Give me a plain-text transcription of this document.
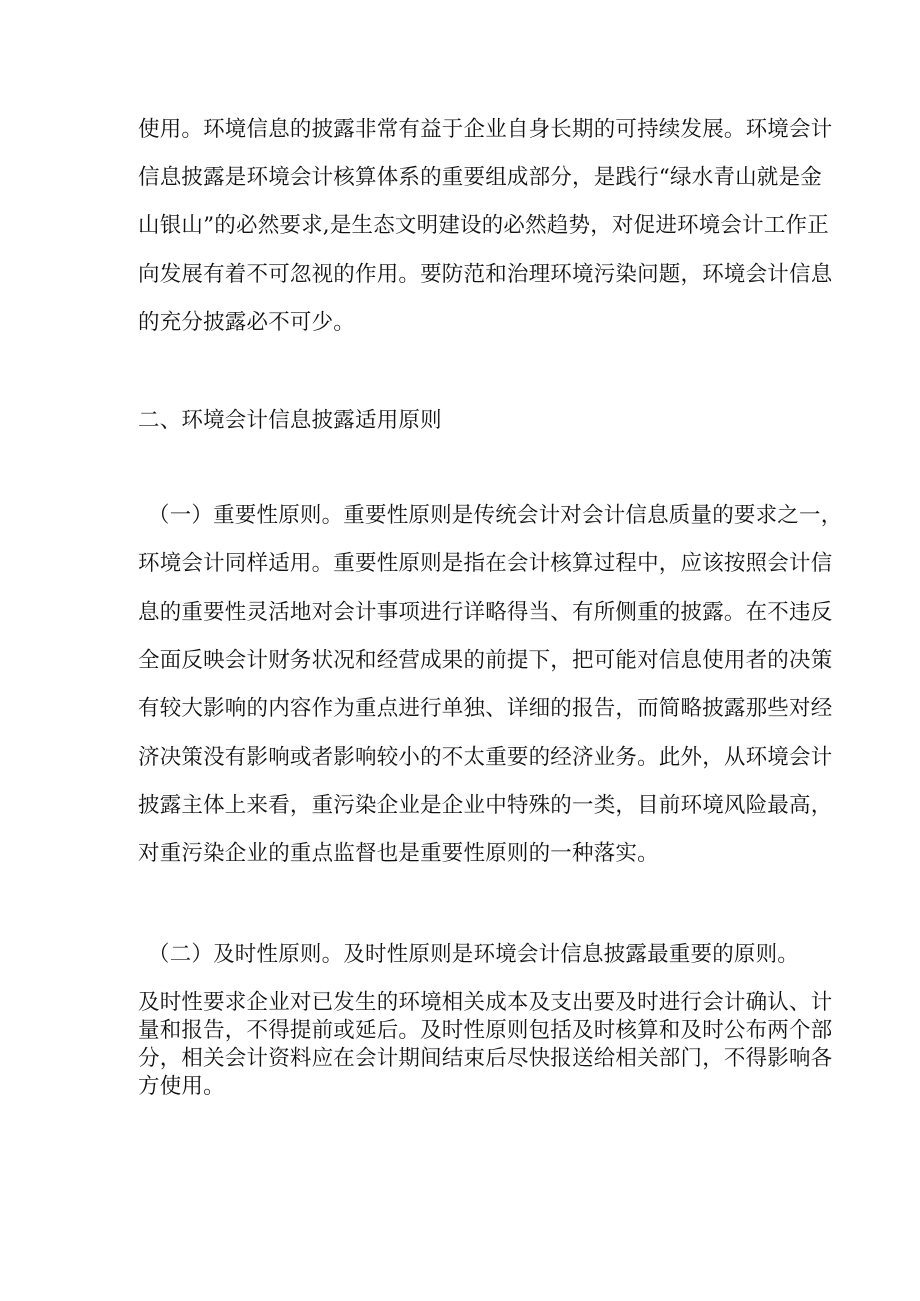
使用。环境信息的披露非常有益于企业自身长期的可持续发展。环境会计
信息披露是环境会计核算体系的重要组成部分，是践行“绿水青山就是金
山银山”的必然要求,是生态文明建设的必然趋势，对促进环境会计工作正
向发展有着不可忽视的作用。要防范和治理环境污染问题，环境会计信息
的充分披露必不可少。
二、环境会计信息披露适用原则
（一）重要性原则。重要性原则是传统会计对会计信息质量的要求之一，
环境会计同样适用。重要性原则是指在会计核算过程中，应该按照会计信
息的重要性灵活地对会计事项进行详略得当、有所侧重的披露。在不违反
全面反映会计财务状况和经营成果的前提下，把可能对信息使用者的决策
有较大影响的内容作为重点进行单独、详细的报告，而简略披露那些对经
济决策没有影响或者影响较小的不太重要的经济业务。此外，从环境会计
披露主体上来看，重污染企业是企业中特殊的一类，目前环境风险最高，
对重污染企业的重点监督也是重要性原则的一种落实。
（二）及时性原则。及时性原则是环境会计信息披露最重要的原则。
及时性要求企业对已发生的环境相关成本及支出要及时进行会计确认、计
量和报告，不得提前或延后。及时性原则包括及时核算和及时公布两个部
分，相关会计资料应在会计期间结束后尽快报送给相关部门，不得影响各
方使用。
